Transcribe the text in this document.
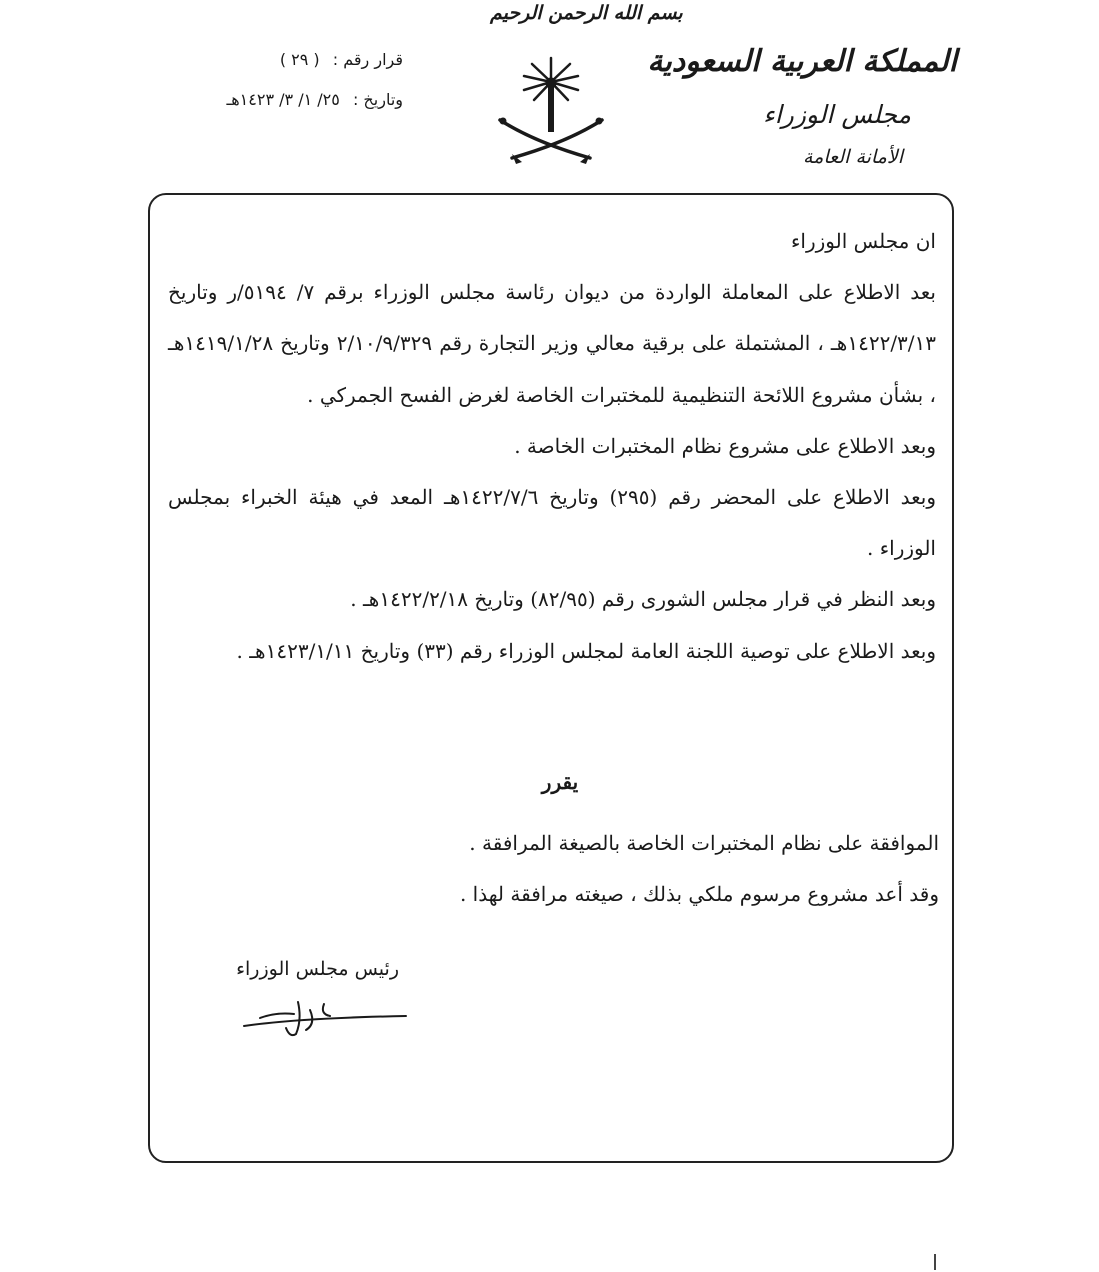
بسم الله الرحمن الرحيم
قرار رقم : ( ٢٩ )
وتاريخ : ٢٥/ ١/ ٣/ ١٤٢٣هـ
المملكة العربية السعودية
مجلس الوزراء
الأمانة العامة

ان مجلس الوزراء

بعد الاطلاع على المعاملة الواردة من ديوان رئاسة مجلس الوزراء برقم ٧/ ٥١٩٤/ر وتاريخ ١٤٢٢/٣/١٣هـ ، المشتملة على برقية معالي وزير التجارة رقم ٢/١٠/٩/٣٢٩ وتاريخ ١٤١٩/١/٢٨هـ ، بشأن مشروع اللائحة التنظيمية للمختبرات الخاصة لغرض الفسح الجمركي .

وبعد الاطلاع على مشروع نظام المختبرات الخاصة .

وبعد الاطلاع على المحضر رقم (٢٩٥) وتاريخ ١٤٢٢/٧/٦هـ المعد في هيئة الخبراء بمجلس الوزراء .

وبعد النظر في قرار مجلس الشورى رقم (٨٢/٩٥) وتاريخ ١٤٢٢/٢/١٨هـ .

وبعد الاطلاع على توصية اللجنة العامة لمجلس الوزراء رقم (٣٣) وتاريخ ١٤٢٣/١/١١هـ .

يقرر

الموافقة على نظام المختبرات الخاصة بالصيغة المرافقة .

وقد أعد مشروع مرسوم ملكي بذلك ، صيغته مرافقة لهذا .

رئيس مجلس الوزراء
